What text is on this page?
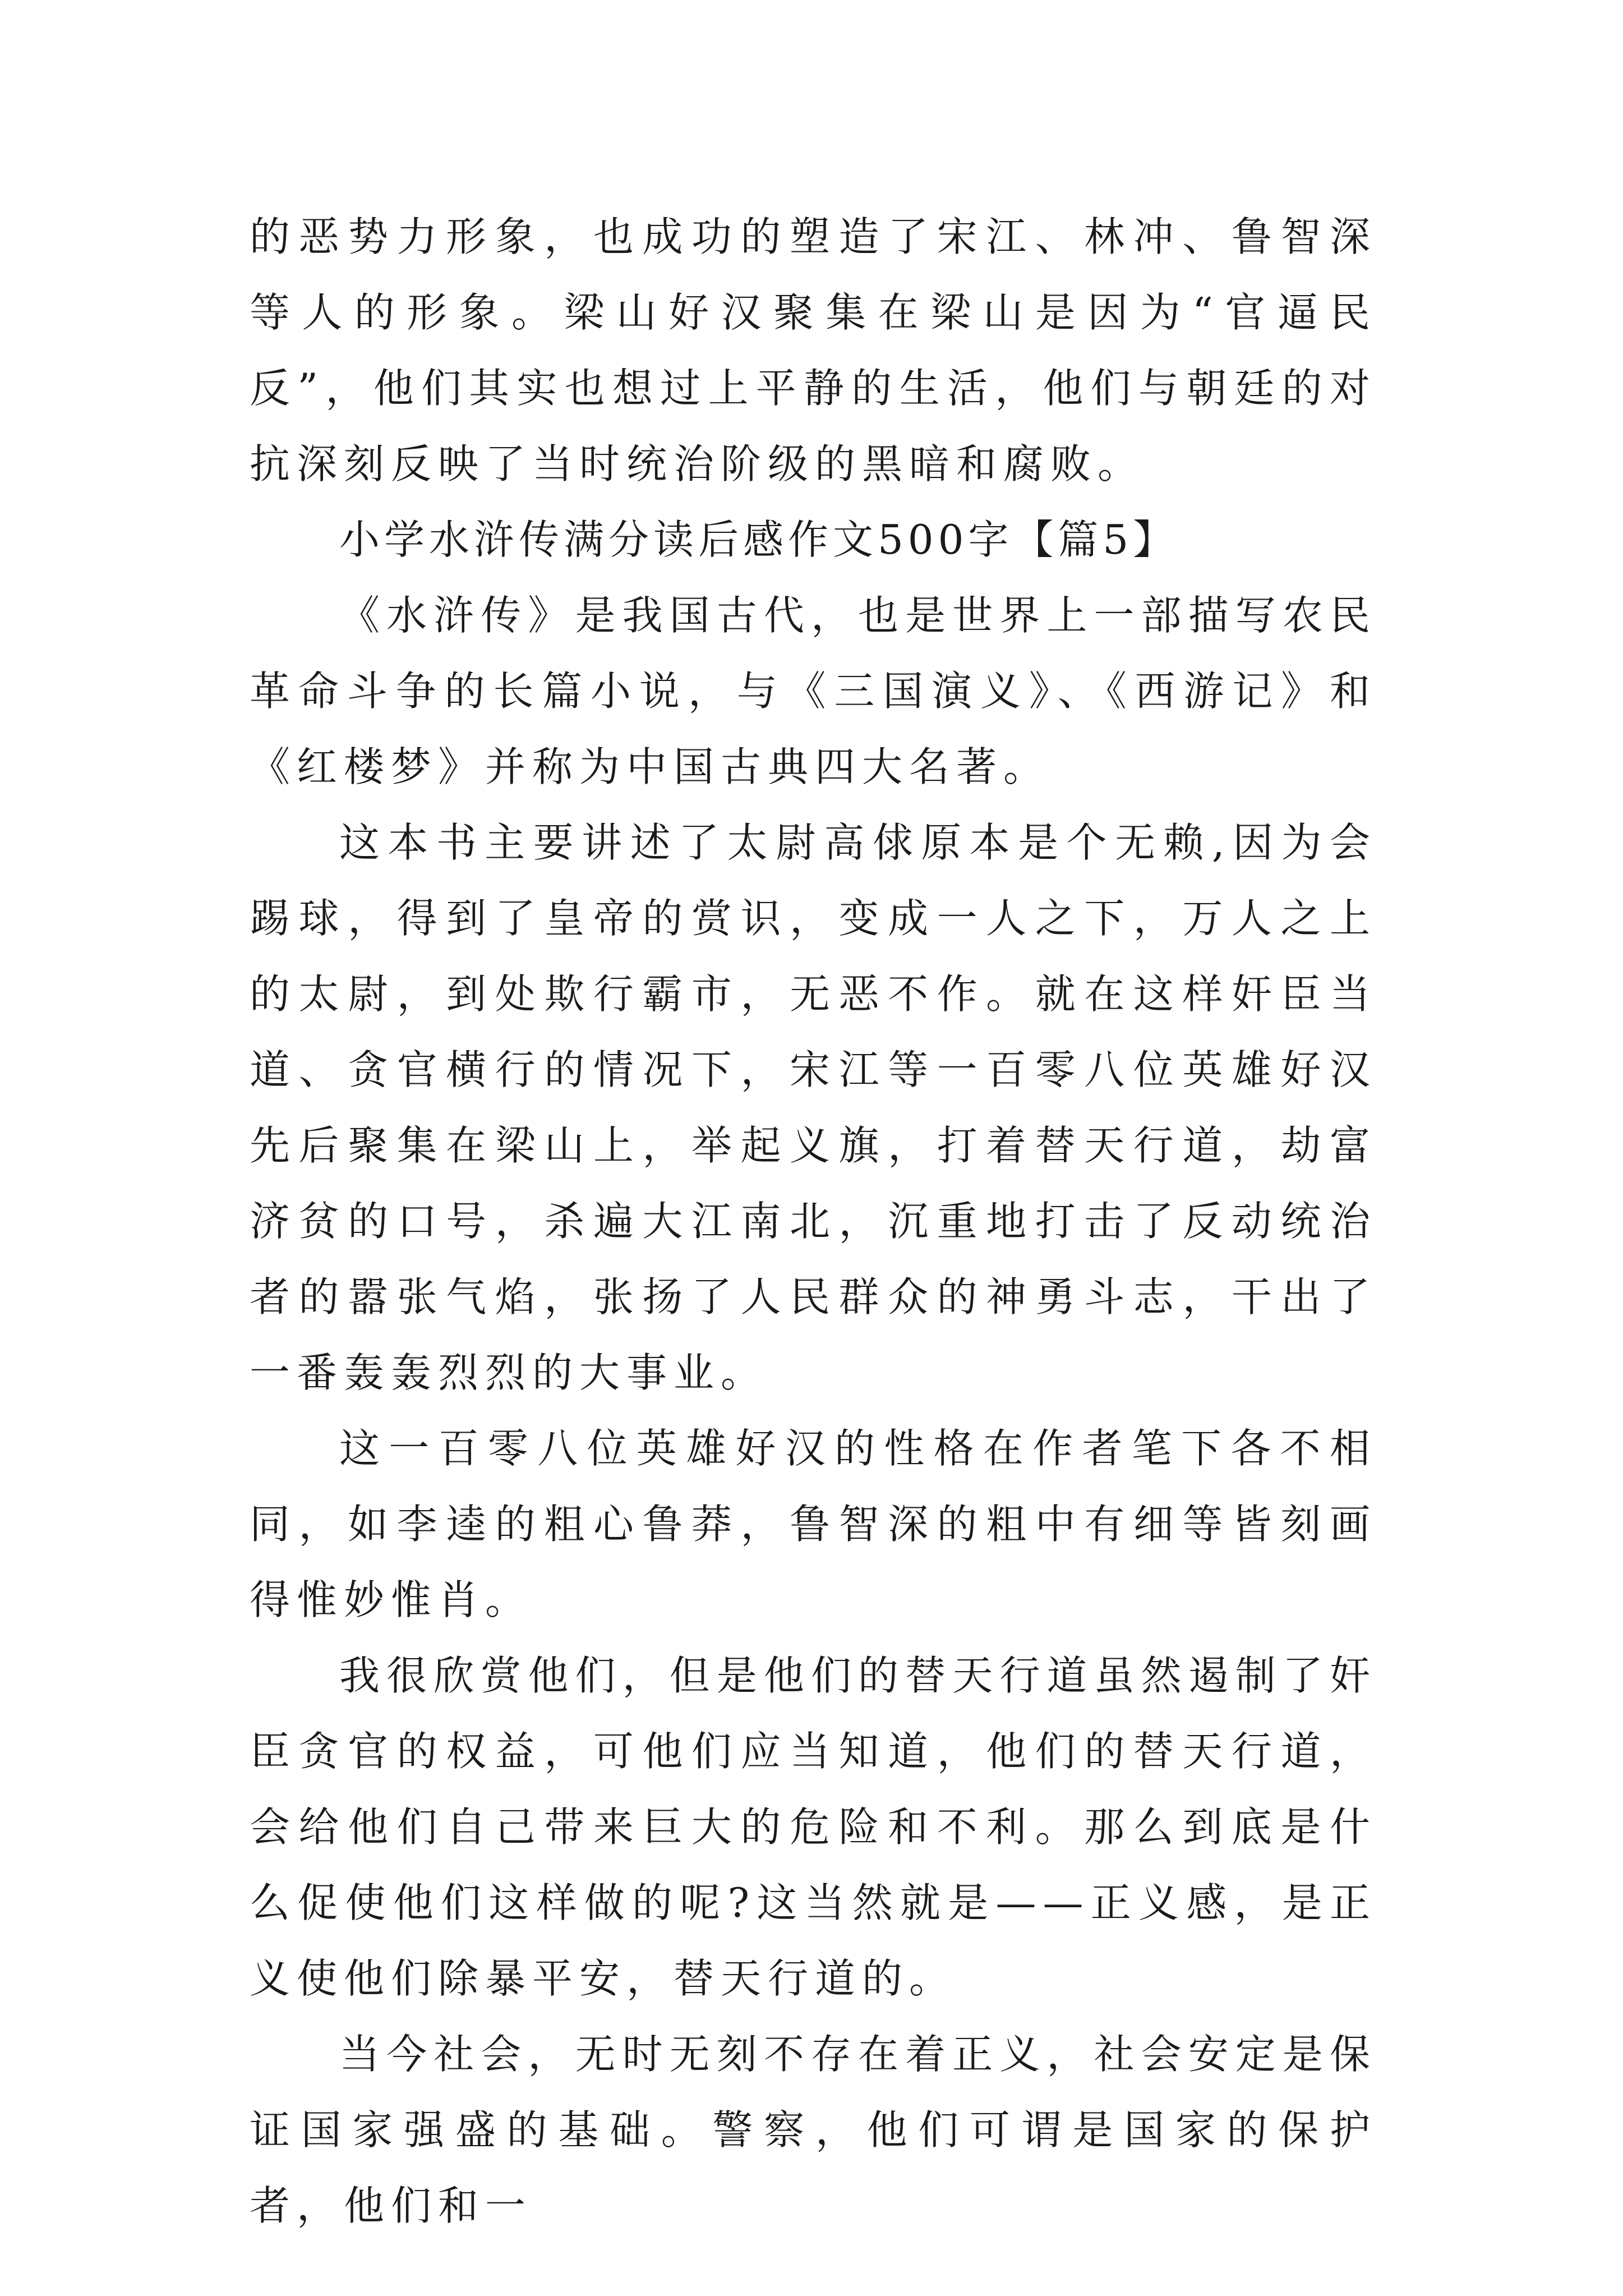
的恶势力形象，也成功的塑造了宋江、林冲、鲁智深等人的形象。梁山好汉聚集在梁山是因为“官逼民反”，他们其实也想过上平静的生活，他们与朝廷的对抗深刻反映了当时统治阶级的黑暗和腐败。

小学水浒传满分读后感作文500字【篇5】

《水浒传》是我国古代，也是世界上一部描写农民革命斗争的长篇小说，与《三国演义》、《西游记》和《红楼梦》并称为中国古典四大名著。

这本书主要讲述了太尉高俅原本是个无赖,因为会踢球，得到了皇帝的赏识，变成一人之下，万人之上的太尉，到处欺行霸市，无恶不作。就在这样奸臣当道、贪官横行的情况下，宋江等一百零八位英雄好汉先后聚集在梁山上，举起义旗，打着替天行道，劫富济贫的口号，杀遍大江南北，沉重地打击了反动统治者的嚣张气焰，张扬了人民群众的神勇斗志，干出了一番轰轰烈烈的大事业。

这一百零八位英雄好汉的性格在作者笔下各不相同，如李逵的粗心鲁莽，鲁智深的粗中有细等皆刻画得惟妙惟肖。

我很欣赏他们，但是他们的替天行道虽然遏制了奸臣贪官的权益，可他们应当知道，他们的替天行道，会给他们自己带来巨大的危险和不利。那么到底是什么促使他们这样做的呢?这当然就是——正义感，是正义使他们除暴平安，替天行道的。

当今社会，无时无刻不存在着正义，社会安定是保证国家强盛的基础。警察，他们可谓是国家的保护者，他们和一
